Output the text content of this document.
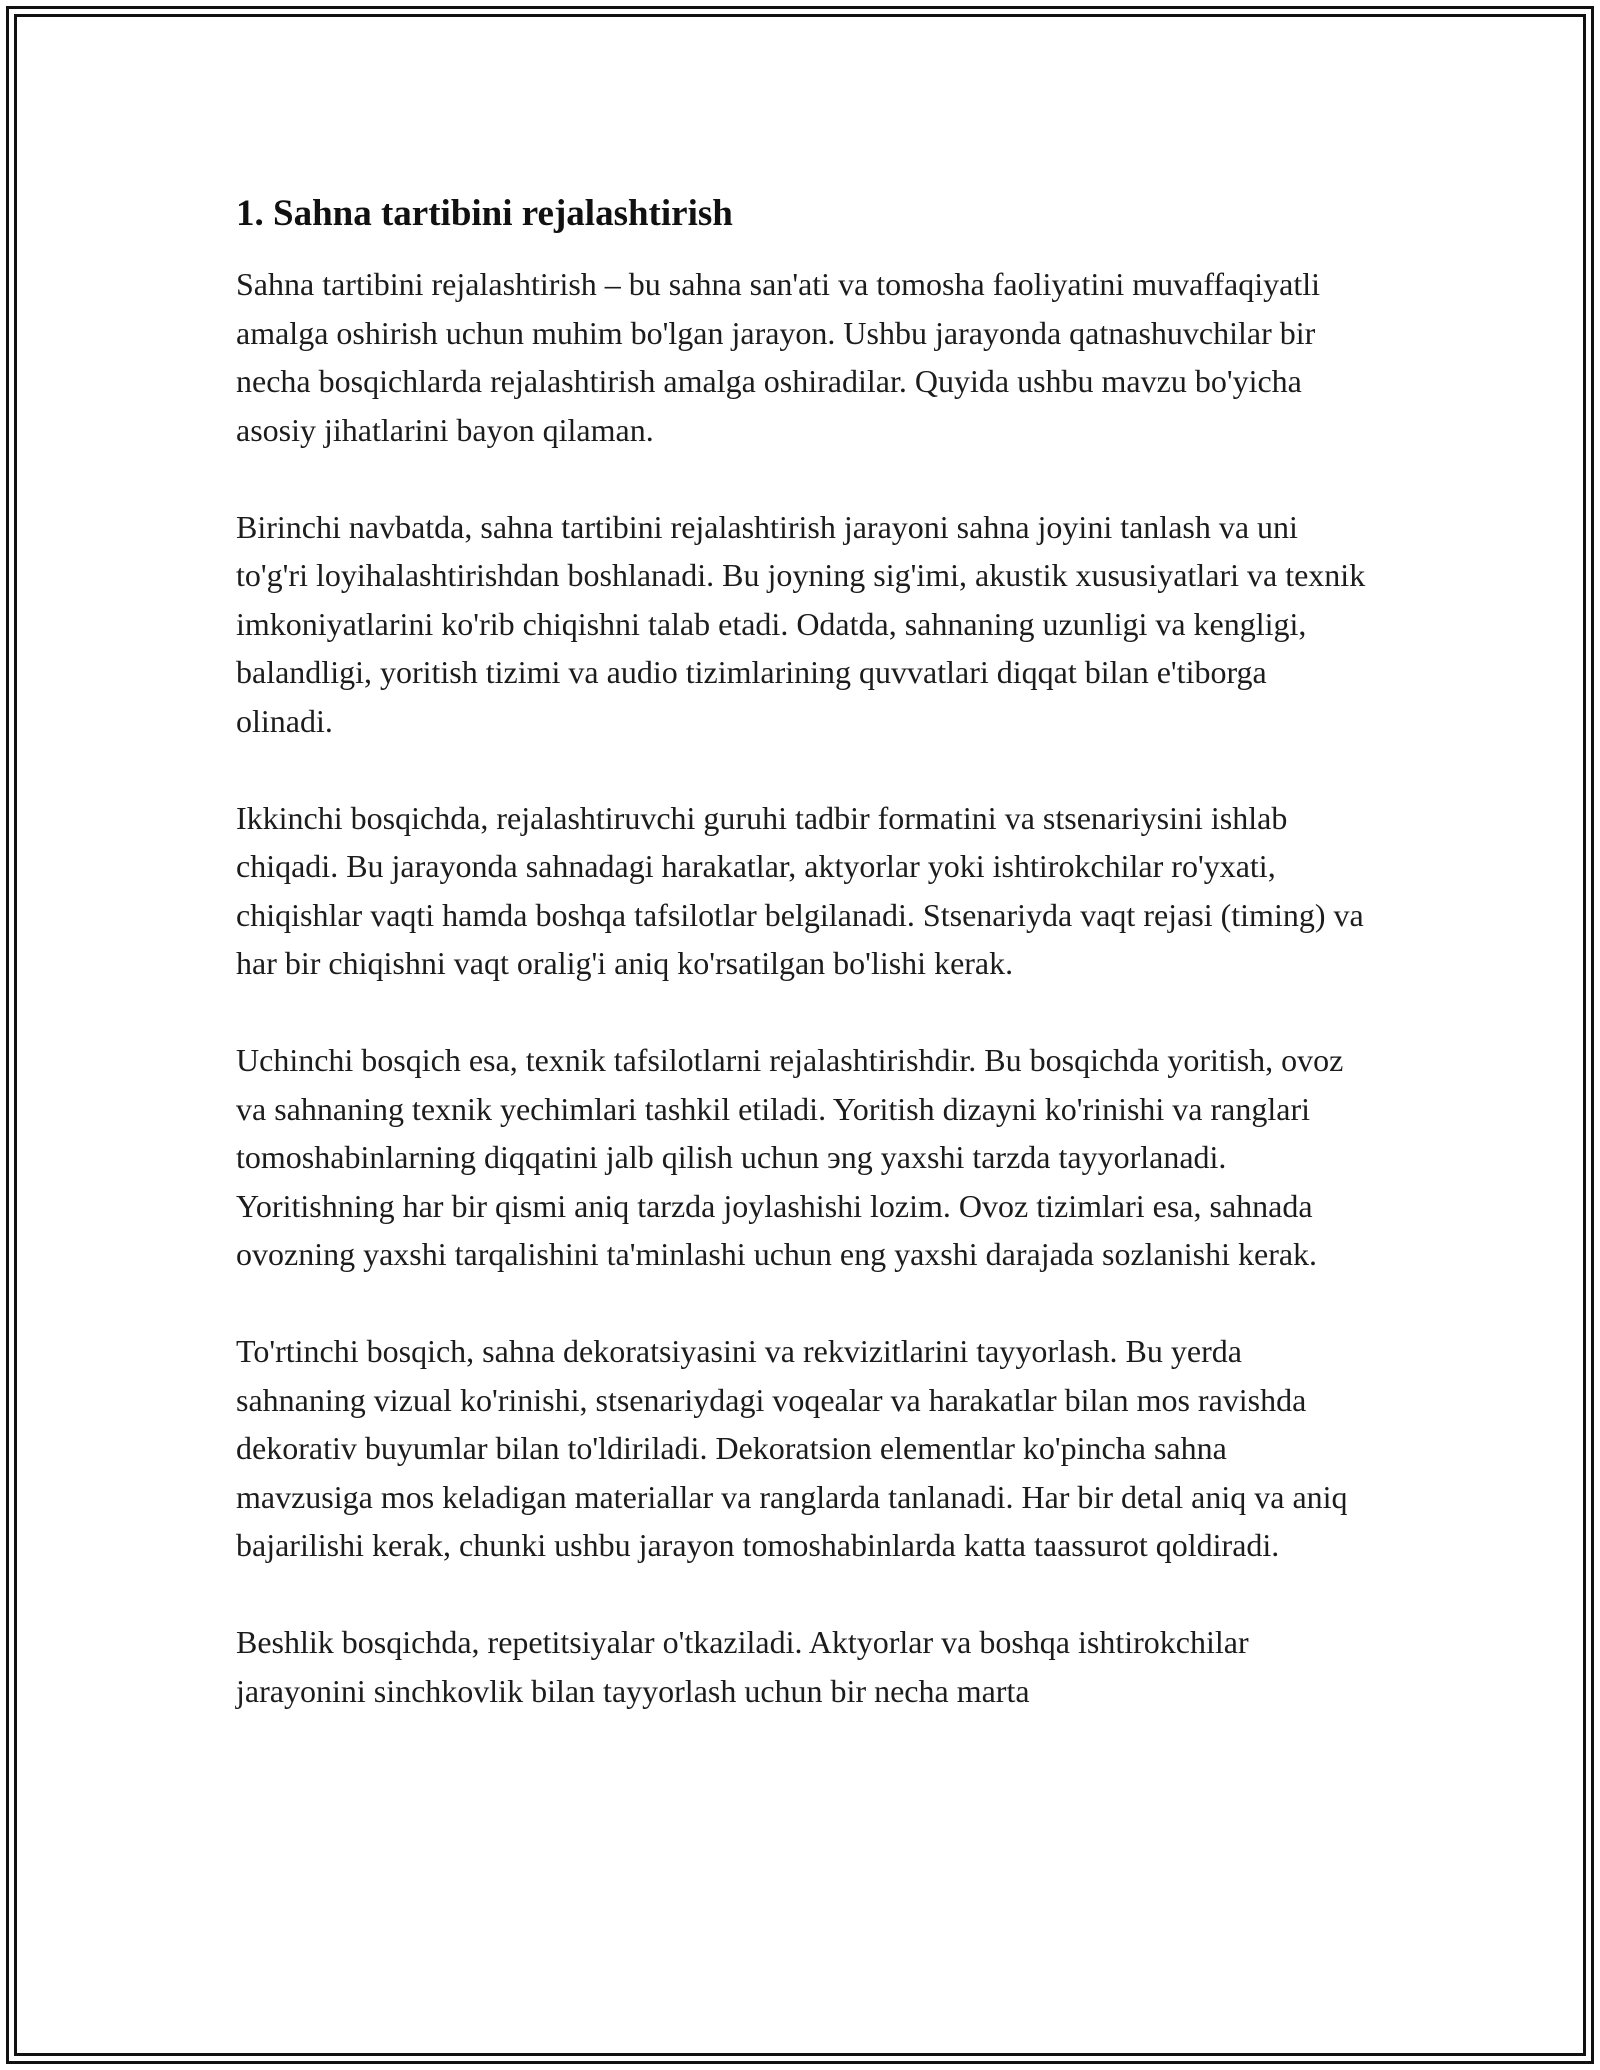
1. Sahna tartibini rejalashtirish

Sahna tartibini rejalashtirish – bu sahna san'ati va tomosha faoliyatini muvaffaqiyatli amalga oshirish uchun muhim bo'lgan jarayon. Ushbu jarayonda qatnashuvchilar bir necha bosqichlarda rejalashtirish amalga oshiradilar. Quyida ushbu mavzu bo'yicha asosiy jihatlarini bayon qilaman.

Birinchi navbatda, sahna tartibini rejalashtirish jarayoni sahna joyini tanlash va uni to'g'ri loyihalashtirishdan boshlanadi. Bu joyning sig'imi, akustik xususiyatlari va texnik imkoniyatlarini ko'rib chiqishni talab etadi. Odatda, sahnaning uzunligi va kengligi, balandligi, yoritish tizimi va audio tizimlarining quvvatlari diqqat bilan e'tiborga olinadi.

Ikkinchi bosqichda, rejalashtiruvchi guruhi tadbir formatini va stsenariysini ishlab chiqadi. Bu jarayonda sahnadagi harakatlar, aktyorlar yoki ishtirokchilar ro'yxati, chiqishlar vaqti hamda boshqa tafsilotlar belgilanadi. Stsenariyda vaqt rejasi (timing) va har bir chiqishni vaqt oralig'i aniq ko'rsatilgan bo'lishi kerak.

Uchinchi bosqich esa, texnik tafsilotlarni rejalashtirishdir. Bu bosqichda yoritish, ovoz va sahnaning texnik yechimlari tashkil etiladi. Yoritish dizayni ko'rinishi va ranglari tomoshabinlarning diqqatini jalb qilish uchun эng yaxshi tarzda tayyorlanadi. Yoritishning har bir qismi aniq tarzda joylashishi lozim. Ovoz tizimlari esa, sahnada ovozning yaxshi tarqalishini ta'minlashi uchun eng yaxshi darajada sozlanishi kerak.

To'rtinchi bosqich, sahna dekoratsiyasini va rekvizitlarini tayyorlash. Bu yerda sahnaning vizual ko'rinishi, stsenariydagi voqealar va harakatlar bilan mos ravishda dekorativ buyumlar bilan to'ldiriladi. Dekoratsion elementlar ko'pincha sahna mavzusiga mos keladigan materiallar va ranglarda tanlanadi. Har bir detal aniq va aniq bajarilishi kerak, chunki ushbu jarayon tomoshabinlarda katta taassurot qoldiradi.

Beshlik bosqichda, repetitsiyalar o'tkaziladi. Aktyorlar va boshqa ishtirokchilar jarayonini sinchkovlik bilan tayyorlash uchun bir necha marta
